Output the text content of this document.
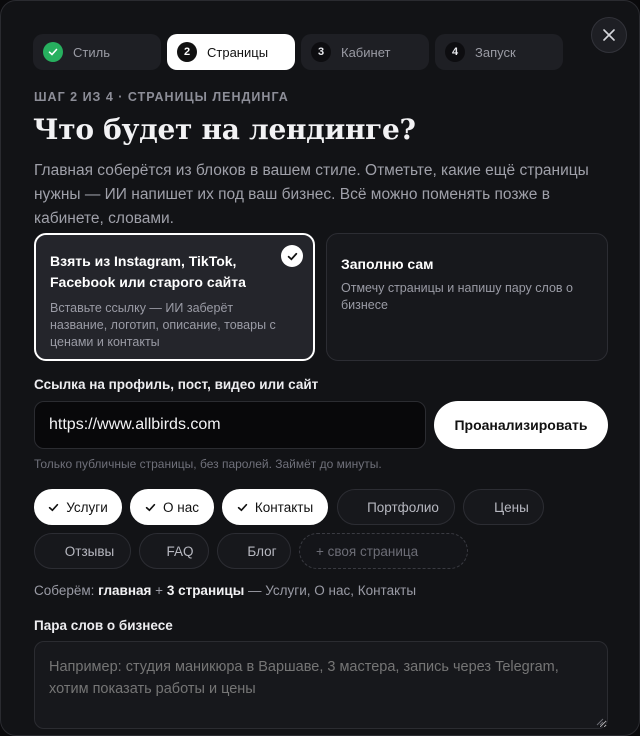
Стиль	2	Страницы	3	Кабинет	4	Запуск
ШАГ 2 ИЗ 4 · СТРАНИЦЫ ЛЕНДИНГА
Что будет на лендинге?

Главная соберётся из блоков в вашем стиле. Отметьте, какие ещё страницы нужны — ИИ напишет их под ваш бизнес. Всё можно поменять позже в кабинете, словами.

Взять из Instagram, TikTok, Facebook или старого сайта

Вставьте ссылку — ИИ заберёт название, логотип, описание, товары с ценами и контакты

Заполню сам

Отмечу страницы и напишу пару слов о бизнесе

Ссылка на профиль, пост, видео или сайт
https://www.allbirds.com
Проанализировать
Только публичные страницы, без паролей. Займёт до минуты.
Услуги	О нас	Контакты	Портфолио	Цены
Отзывы	FAQ	Блог	+ своя страница
Соберём: главная + 3 страницы — Услуги, О нас, Контакты
Пара слов о бизнесе
Например: студия маникюра в Варшаве, 3 мастера, запись через Telegram, хотим показать работы и цены
